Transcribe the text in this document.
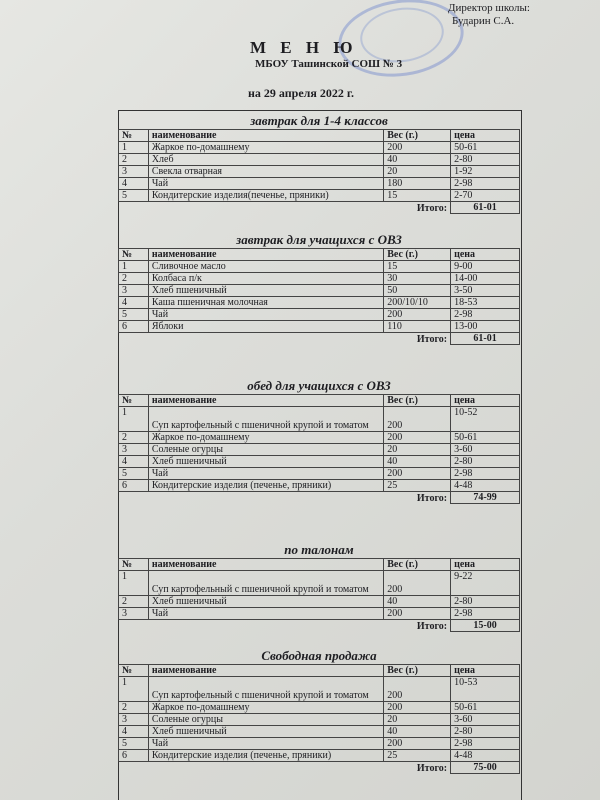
Директор школы:
Бударин С.А.
М Е Н Ю
МБОУ Ташинской СОШ № 3
на 29 апреля 2022 г.
завтрак для 1-4 классов
№	наименование	Вес (г.)	цена
1	Жаркое по-домашнему	200	50-61
2	Хлеб	40	2-80
3	Свекла отварная	20	1-92
4	Чай	180	2-98
5	Кондитерские изделия(печенье, пряники)	15	2-70
Итого:			61-01
завтрак для учащихся с ОВЗ
№	наименование	Вес (г.)	цена
1	Сливочное масло	15	9-00
2	Колбаса п/к	30	14-00
3	Хлеб пшеничный	50	3-50
4	Каша пшеничная молочная	200/10/10	18-53
5	Чай	200	2-98
6	Яблоки	110	13-00
Итого:			61-01
обед для учащихся с ОВЗ
№	наименование	Вес (г.)	цена
1	Суп картофельный с пшеничной крупой и томатом	200	10-52
2	Жаркое по-домашнему	200	50-61
3	Соленые огурцы	20	3-60
4	Хлеб пшеничный	40	2-80
5	Чай	200	2-98
6	Кондитерские изделия (печенье, пряники)	25	4-48
Итого:			74-99
по талонам
№	наименование	Вес (г.)	цена
1	Суп картофельный с пшеничной крупой и томатом	200	9-22
2	Хлеб пшеничный	40	2-80
3	Чай	200	2-98
Итого:			15-00
Свободная продажа
№	наименование	Вес (г.)	цена
1	Суп картофельный с пшеничной крупой и томатом	200	10-53
2	Жаркое по-домашнему	200	50-61
3	Соленые огурцы	20	3-60
4	Хлеб пшеничный	40	2-80
5	Чай	200	2-98
6	Кондитерские изделия (печенье, пряники)	25	4-48
Итого:			75-00
